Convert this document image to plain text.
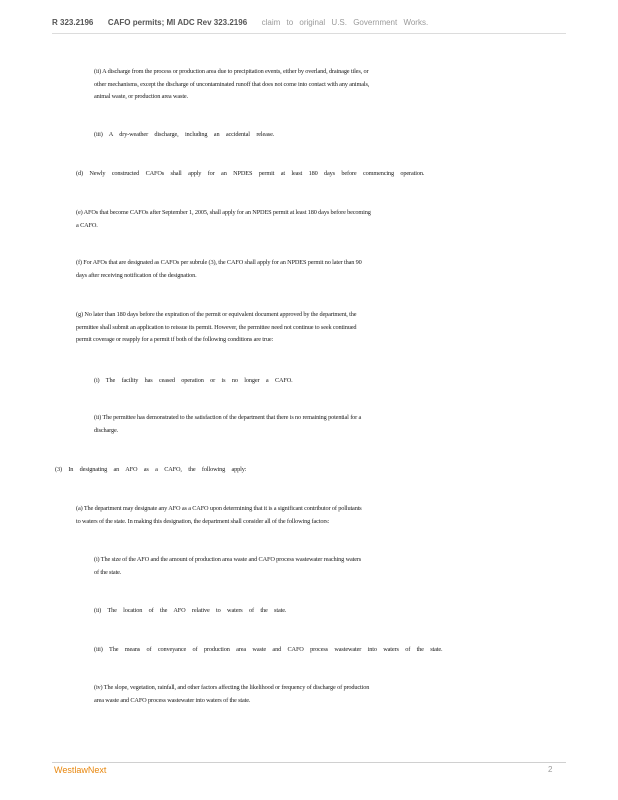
R 323.2196 CAFO permits; MI ADC Rev 323.2196 claim to original U.S. Government Works.
(ii) A discharge from the process or production area due to precipitation events, either by overland, drainage tiles, or
other mechanisms, except the discharge of uncontaminated runoff that does not come into contact with any animals,
animal waste, or production area waste.
(iii) A dry-weather discharge, including an accidental release.
(d) Newly constructed CAFOs shall apply for an NPDES permit at least 180 days before commencing operation.
(e) AFOs that become CAFOs after September 1, 2005, shall apply for an NPDES permit at least 180 days before becoming
a CAFO.
(f) For AFOs that are designated as CAFOs per subrule (3), the CAFO shall apply for an NPDES permit no later than 90
days after receiving notification of the designation.
(g) No later than 180 days before the expiration of the permit or equivalent document approved by the department, the
permittee shall submit an application to reissue its permit. However, the permittee need not continue to seek continued
permit coverage or reapply for a permit if both of the following conditions are true:
(i) The facility has ceased operation or is no longer a CAFO.
(ii) The permittee has demonstrated to the satisfaction of the department that there is no remaining potential for a
discharge.
(3) In designating an AFO as a CAFO, the following apply:
(a) The department may designate any AFO as a CAFO upon determining that it is a significant contributor of pollutants
to waters of the state. In making this designation, the department shall consider all of the following factors:
(i) The size of the AFO and the amount of production area waste and CAFO process wastewater reaching waters
of the state.
(ii) The location of the AFO relative to waters of the state.
(iii) The means of conveyance of production area waste and CAFO process wastewater into waters of the state.
(iv) The slope, vegetation, rainfall, and other factors affecting the likelihood or frequency of discharge of production
area waste and CAFO process wastewater into waters of the state.
WestlawNext	2
